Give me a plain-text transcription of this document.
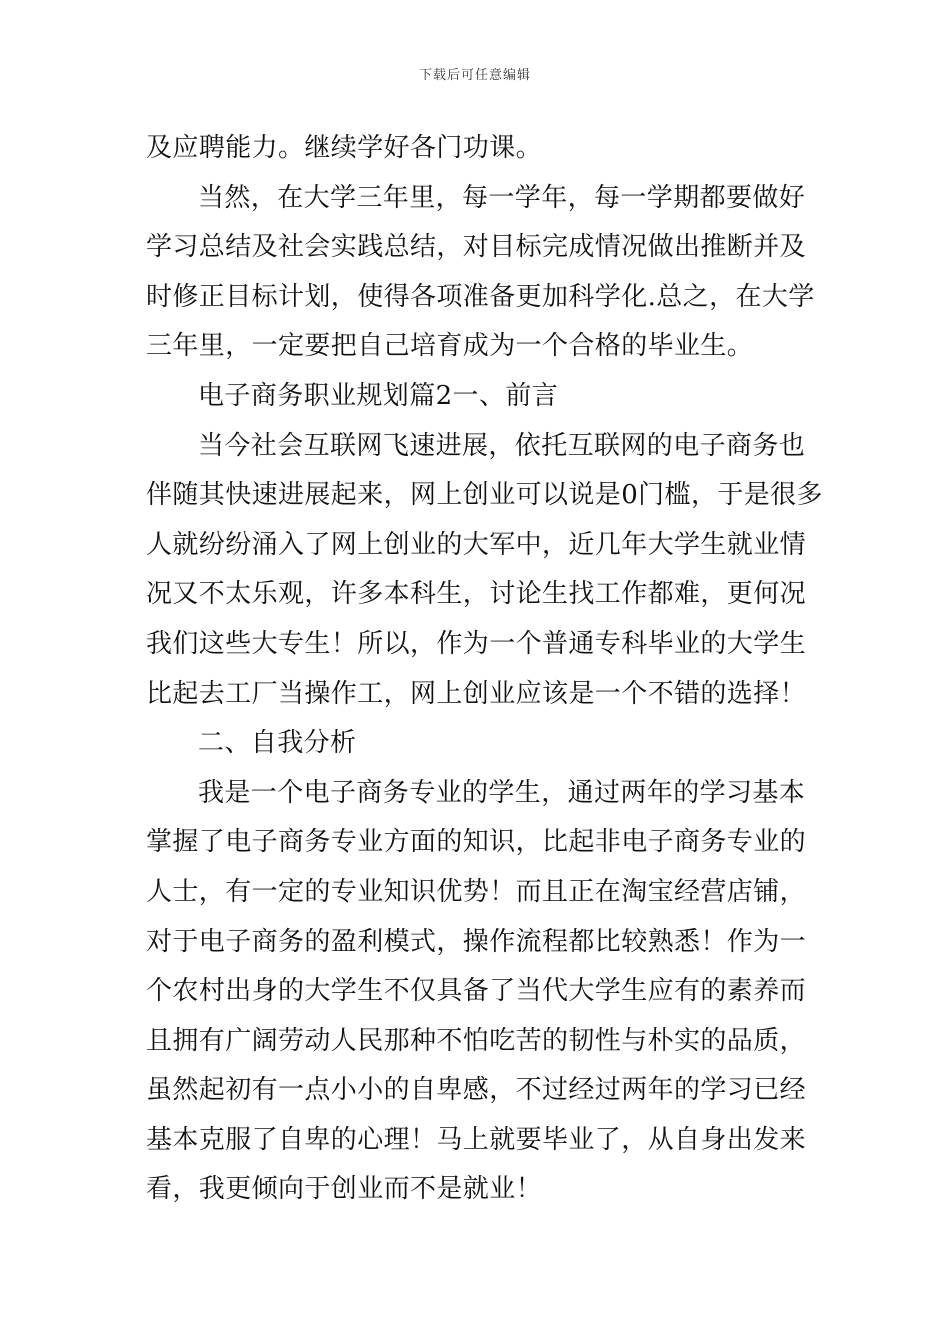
下载后可任意编辑
及应聘能力。继续学好各门功课。
当然，在大学三年里，每一学年，每一学期都要做好
学习总结及社会实践总结，对目标完成情况做出推断并及
时修正目标计划，使得各项准备更加科学化.总之，在大学
三年里，一定要把自己培育成为一个合格的毕业生。
电子商务职业规划篇2一、前言
当今社会互联网飞速进展，依托互联网的电子商务也
伴随其快速进展起来，网上创业可以说是0门槛，于是很多
人就纷纷涌入了网上创业的大军中，近几年大学生就业情
况又不太乐观，许多本科生，讨论生找工作都难，更何况
我们这些大专生！所以，作为一个普通专科毕业的大学生
比起去工厂当操作工，网上创业应该是一个不错的选择！
二、自我分析
我是一个电子商务专业的学生，通过两年的学习基本
掌握了电子商务专业方面的知识，比起非电子商务专业的
人士，有一定的专业知识优势！而且正在淘宝经营店铺，
对于电子商务的盈利模式，操作流程都比较熟悉！作为一
个农村出身的大学生不仅具备了当代大学生应有的素养而
且拥有广阔劳动人民那种不怕吃苦的韧性与朴实的品质，
虽然起初有一点小小的自卑感，不过经过两年的学习已经
基本克服了自卑的心理！马上就要毕业了，从自身出发来
看，我更倾向于创业而不是就业！
